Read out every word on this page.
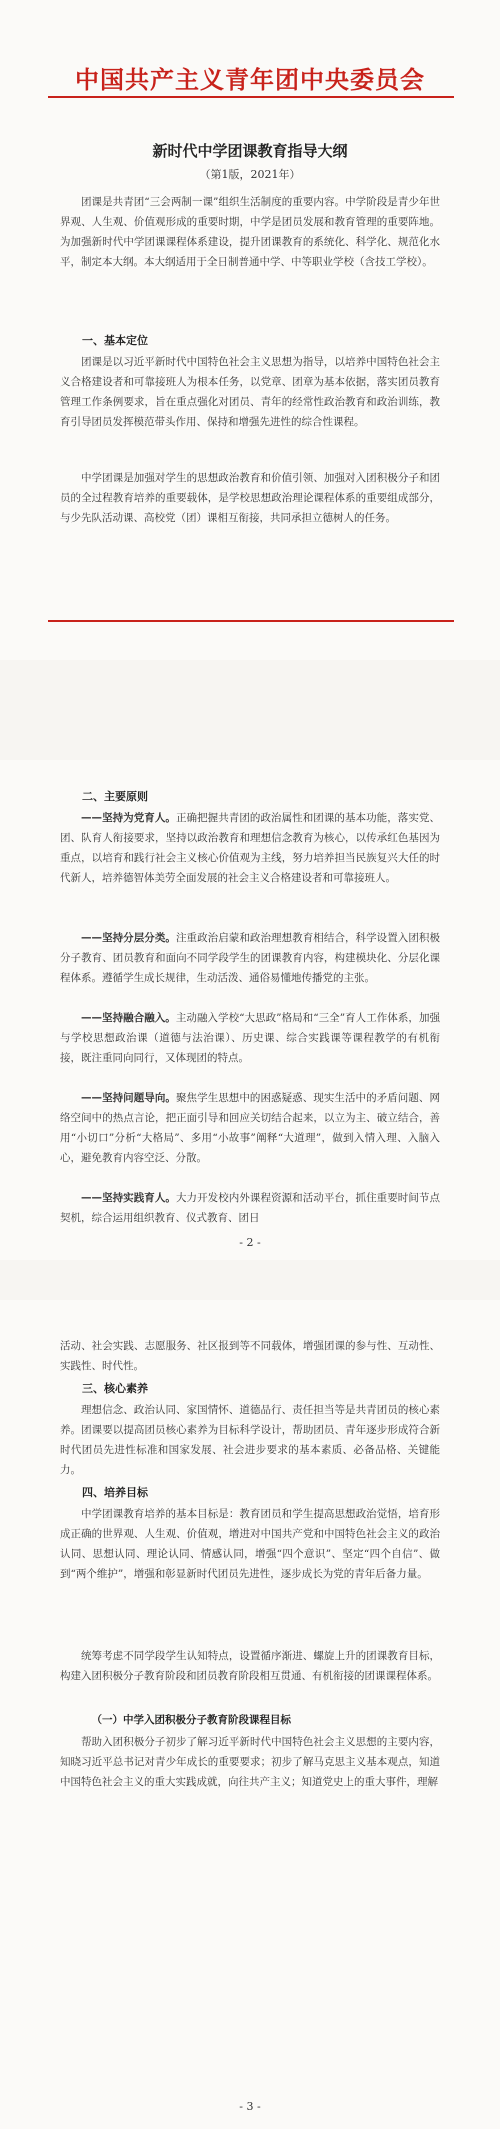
中国共产主义青年团中央委员会
新时代中学团课教育指导大纲
（第1版，2021年）

团课是共青团“三会两制一课”组织生活制度的重要内容。中学阶段是青少年世界观、人生观、价值观形成的重要时期，中学是团员发展和教育管理的重要阵地。为加强新时代中学团课课程体系建设，提升团课教育的系统化、科学化、规范化水平，制定本大纲。本大纲适用于全日制普通中学、中等职业学校（含技工学校）。

一、基本定位

团课是以习近平新时代中国特色社会主义思想为指导，以培养中国特色社会主义合格建设者和可靠接班人为根本任务，以党章、团章为基本依据，落实团员教育管理工作条例要求，旨在重点强化对团员、青年的经常性政治教育和政治训练，教育引导团员发挥模范带头作用、保持和增强先进性的综合性课程。

中学团课是加强对学生的思想政治教育和价值引领、加强对入团积极分子和团员的全过程教育培养的重要载体，是学校思想政治理论课程体系的重要组成部分，与少先队活动课、高校党（团）课相互衔接，共同承担立德树人的任务。

二、主要原则

——坚持为党育人。正确把握共青团的政治属性和团课的基本功能，落实党、团、队育人衔接要求，坚持以政治教育和理想信念教育为核心，以传承红色基因为重点，以培育和践行社会主义核心价值观为主线，努力培养担当民族复兴大任的时代新人，培养德智体美劳全面发展的社会主义合格建设者和可靠接班人。

——坚持分层分类。注重政治启蒙和政治理想教育相结合，科学设置入团积极分子教育、团员教育和面向不同学段学生的团课教育内容，构建模块化、分层化课程体系。遵循学生成长规律，生动活泼、通俗易懂地传播党的主张。

——坚持融合融入。主动融入学校“大思政”格局和“三全”育人工作体系，加强与学校思想政治课（道德与法治课）、历史课、综合实践课等课程教学的有机衔接，既注重同向同行，又体现团的特点。

——坚持问题导向。聚焦学生思想中的困惑疑惑、现实生活中的矛盾问题、网络空间中的热点言论，把正面引导和回应关切结合起来，以立为主、破立结合，善用“小切口”分析“大格局”、多用“小故事”阐释“大道理”，做到入情入理、入脑入心，避免教育内容空泛、分散。

——坚持实践育人。大力开发校内外课程资源和活动平台，抓住重要时间节点契机，综合运用组织教育、仪式教育、团日

- 2 -

活动、社会实践、志愿服务、社区报到等不同载体，增强团课的参与性、互动性、实践性、时代性。

三、核心素养

理想信念、政治认同、家国情怀、道德品行、责任担当等是共青团员的核心素养。团课要以提高团员核心素养为目标科学设计，帮助团员、青年逐步形成符合新时代团员先进性标准和国家发展、社会进步要求的基本素质、必备品格、关键能力。

四、培养目标

中学团课教育培养的基本目标是：教育团员和学生提高思想政治觉悟，培育形成正确的世界观、人生观、价值观，增进对中国共产党和中国特色社会主义的政治认同、思想认同、理论认同、情感认同，增强“四个意识”、坚定“四个自信”、做到“两个维护”，增强和彰显新时代团员先进性，逐步成长为党的青年后备力量。

统筹考虑不同学段学生认知特点，设置循序渐进、螺旋上升的团课教育目标，构建入团积极分子教育阶段和团员教育阶段相互贯通、有机衔接的团课课程体系。

（一）中学入团积极分子教育阶段课程目标

帮助入团积极分子初步了解习近平新时代中国特色社会主义思想的主要内容，知晓习近平总书记对青少年成长的重要要求；初步了解马克思主义基本观点，知道中国特色社会主义的重大实践成就，向往共产主义；知道党史上的重大事件，理解

- 3 -
